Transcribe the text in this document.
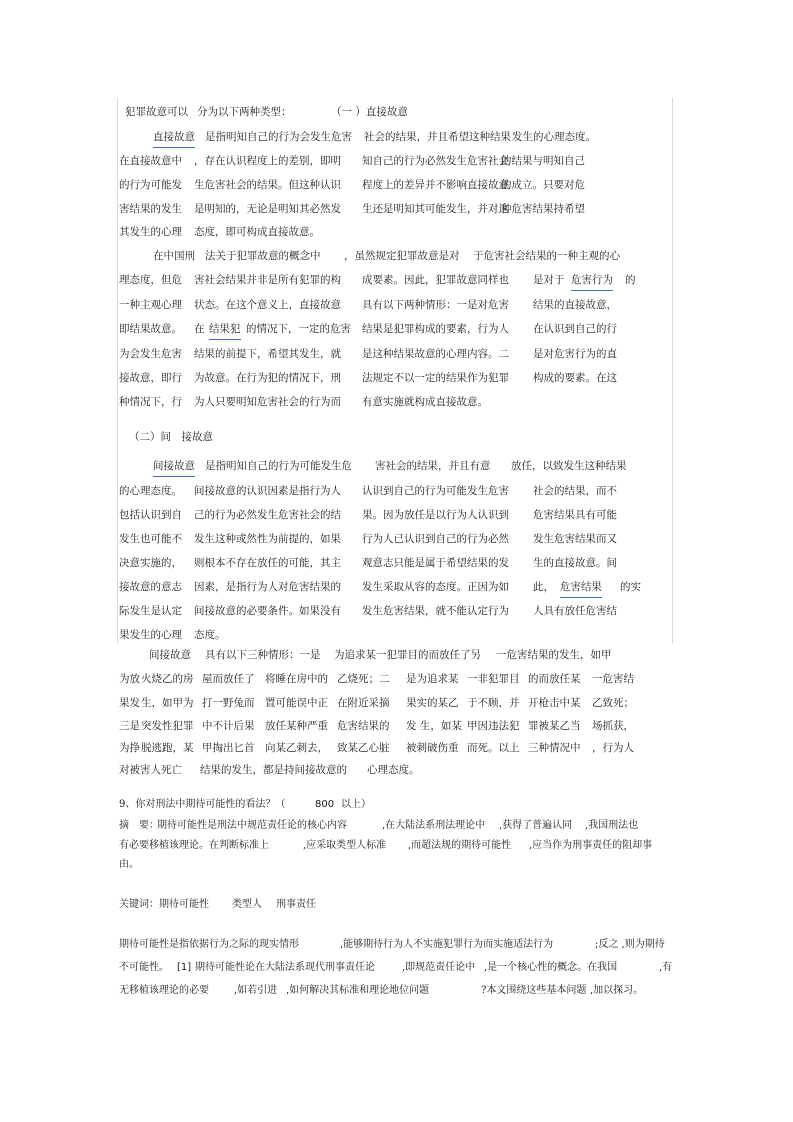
犯罪故意可以 分为以下两种类型：	（一 ）直接故意
直接故意 是指明知自己的行为会发生危害 社会的结果，并且希望这种结果 发生的心理态度。
在直接故意中 ，存在认识程度上的差别，即明 知自己的行为必然发生危害社会
的结果与明知自己
的行为可能发 生危害社会的结果。但这种认识 程度上的差异并不影响直接故意
的成立。只要对危
害结果的发生 是明知的，无论是明知其必然发 生还是明知其可能发生，并对这
种危害结果持希望
其发生的心理 态度，即可构成直接故意。
在中国刑 法关于犯罪故意的概念中 ，虽然规定犯罪故意是对 于危害社会结果的一种主观的心
理态度，但危 害社会结果并非是所有犯罪的构 成要素。因此，犯罪故意同样也 是对于 危害行为 的
一种主观心理 状态。在这个意义上，直接故意 具有以下两种情形：一是对危害 结果的直接故意，
即结果故意。 在 结果犯 的情况下，一定的危害 结果是犯罪构成的要素，行为人 在认识到自己的行
为会发生危害 结果的前提下，希望其发生，就 是这种结果故意的心理内容。二 是对危害行为的直
接故意，即行 为故意。在行为犯的情况下，刑 法规定不以一定的结果作为犯罪 构成的要素。在这
种情况下，行 为人只要明知危害社会的行为而 有意实施就构成直接故意。
（二）间　接故意
间接故意 是指明知自己的行为可能发生危 害社会的结果，并且有意 放任，以致发生这种结果
的心理态度。 间接故意的认识因素是指行为人 认识到自己的行为可能发生危害 社会的结果，而不
包括认识到自 己的行为必然发生危害社会的结 果。因为放任是以行为人认识到 危害结果具有可能
发生也可能不 发生这种或然性为前提的，如果 行为人已认识到自己的行为必然 发生危害结果而又
决意实施的， 则根本不存在放任的可能，其主 观意志只能是属于希望结果的发 生的直接故意。间
接故意的意志 因素，是指行为人对危害结果的 发生采取从容的态度。正因为如 此， 危害结果 的实
际发生是认定 间接故意的必要条件。如果没有 发生危害结果，就不能认定行为 人具有放任危害结
果发生的心理 态度。
间接故意 具有以下三种情形：一是 为追求某一犯罪目的而放任了另 一危害结果的发生，如甲
为放 火烧乙的房 屋而放任了 将睡在房中的 乙烧死；二 是为追求某 一非犯罪目 的而放任某 一危害结
果发 生，如甲为 打一野兔而 置可能误中正 在附近采摘 果实的某乙 于不顾，并 开枪击中某 乙致死；
三是 突发性犯罪 中不计后果 放任某种严重 危害结果的 发 生，如某 甲因违法犯 罪被某乙当 场抓获，
为挣 脱逃跑，某 甲掏出匕首 向某乙刺去， 致某乙心脏 被刺破伤重 而死。以上 三种情况中 ，行为人
对被害人死亡 结果的发生，都是持间接故意的 心理态度。
9、你对刑法中期待可能性的看法？（	800 以上）
摘　要：
期待可能性是刑法中规范责任论的核心内容	,在大陆法系刑法理论中 ,获得了普遍认同 ,我国刑法也
有必要移植该理论。在判断标准上	,应采取类型人标准 ,而超法规的期待可能性 ,应当作为刑事责任的阻却事
由。
关键词： 期待可能性 类型人 刑事责任
期待可能性是指依据行为之际的现实情形	,能够期待行为人不实施犯罪行为而实施适法行为	;反之 ,则为期待
不可能性。 [1] 期待可能性论在大陆法系现代刑事责任论	,即规范责任论中 ,是一个核心性的概念。在我国	,有
无移植该理论的必要	,如若引进 ,如何解决其标准和理论地位问题	?本文围绕这些基本问题 ,加以探习。
